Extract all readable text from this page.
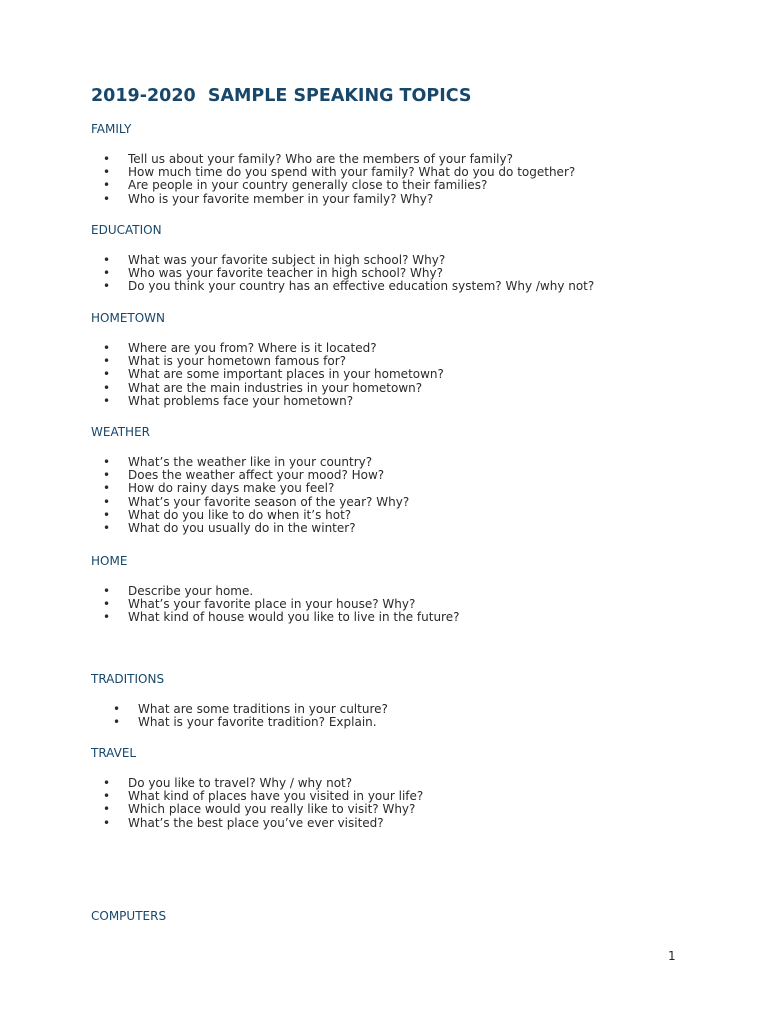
2019-2020  SAMPLE SPEAKING TOPICS
FAMILY
• Tell us about your family? Who are the members of your family?
• How much time do you spend with your family? What do you do together?
• Are people in your country generally close to their families?
• Who is your favorite member in your family? Why?
EDUCATION
• What was your favorite subject in high school? Why?
• Who was your favorite teacher in high school? Why?
• Do you think your country has an effective education system? Why /why not?
HOMETOWN
• Where are you from? Where is it located?
• What is your hometown famous for?
• What are some important places in your hometown?
• What are the main industries in your hometown?
• What problems face your hometown?
WEATHER
• What’s the weather like in your country?
• Does the weather affect your mood? How?
• How do rainy days make you feel?
• What’s your favorite season of the year? Why?
• What do you like to do when it’s hot?
• What do you usually do in the winter?
HOME
• Describe your home.
• What’s your favorite place in your house? Why?
• What kind of house would you like to live in the future?
TRADITIONS
• What are some traditions in your culture?
• What is your favorite tradition? Explain.
TRAVEL
• Do you like to travel? Why / why not?
• What kind of places have you visited in your life?
• Which place would you really like to visit? Why?
• What’s the best place you’ve ever visited?
COMPUTERS
1
